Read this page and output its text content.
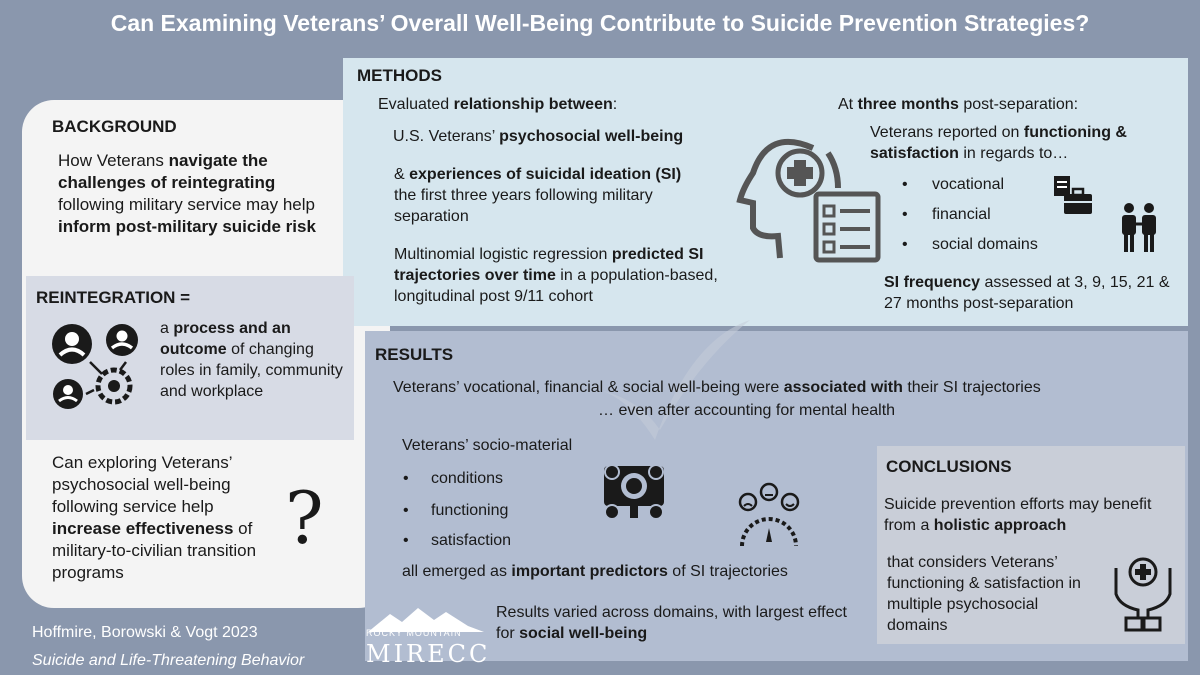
Can Examining Veterans’ Overall Well-Being Contribute to Suicide Prevention Strategies?
BACKGROUND
How Veterans navigate the challenges of reintegrating following military service may help inform post-military suicide risk
REINTEGRATION =
a process and an outcome of changing roles in family, community and workplace
Can exploring Veterans’ psychosocial well-being following service help increase effectiveness of military-to-civilian transition programs
?
Hoffmire, Borowski & Vogt 2023
Suicide and Life-Threatening Behavior
METHODS
Evaluated relationship between:
U.S. Veterans’ psychosocial well-being
& experiences of suicidal ideation (SI) the first three years following military separation
Multinomial logistic regression predicted SI trajectories over time in a population-based, longitudinal post 9/11 cohort
At three months post-separation:
Veterans reported on functioning & satisfaction in regards to…
• vocational
• financial
• social domains
SI frequency assessed at 3, 9, 15, 21 & 27 months post-separation
RESULTS
Veterans’ vocational, financial & social well-being were associated with their SI trajectories
… even after accounting for mental health
Veterans’ socio-material
• conditions
• functioning
• satisfaction
all emerged as important predictors of SI trajectories
Results varied across domains, with largest effect for social well-being
ROCKY MOUNTAIN
MIRECC
CONCLUSIONS
Suicide prevention efforts may benefit from a holistic approach
that considers Veterans’ functioning & satisfaction in multiple psychosocial domains
